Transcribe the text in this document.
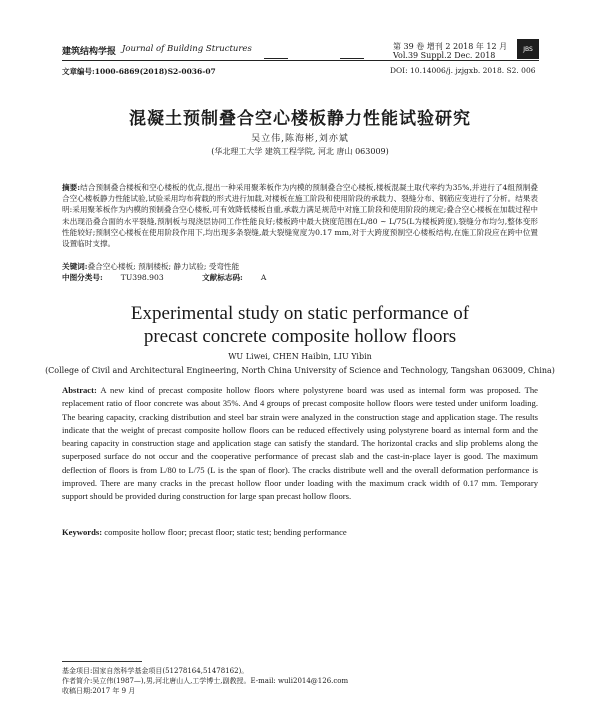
建筑结构学报 Journal of Building Structures	第 39 卷 增刊 2 2018 年 12 月
Vol.39 Suppl.2 Dec. 2018
JBS
文章编号:1000-6869(2018)S2-0036-07	DOI: 10.14006/j. jzjgxb. 2018. S2. 006
混凝土预制叠合空心楼板静力性能试验研究
吴立伟,陈海彬,刘亦斌
(华北理工大学 建筑工程学院, 河北 唐山 063009)
摘要:结合预制叠合楼板和空心楼板的优点,提出一种采用聚苯板作为内模的预制叠合空心楼板,楼板混凝土取代率约为35%,并进行了4组预制叠合空心楼板静力性能试验,试验采用均布荷载的形式进行加载,对楼板在施工阶段和使用阶段的承载力、裂缝分布、钢筋应变进行了分析。结果表明:采用聚苯板作为内模的预制叠合空心楼板,可有效降低楼板自重,承载力满足规范中对施工阶段和使用阶段的规定;叠合空心楼板在加载过程中未出现沿叠合面的水平裂缝,预制板与现浇层协同工作性能良好;楼板跨中最大挠度范围在L/80 ~ L/75(L为楼板跨度),裂缝分布均匀,整体变形性能较好;预制空心楼板在使用阶段作用下,均出现多条裂缝,最大裂缝宽度为0.17 mm,对于大跨度预制空心楼板结构,在施工阶段应在跨中位置设置临时支撑。
关键词:叠合空心楼板; 预制楼板; 静力试验; 受弯性能
中图分类号: TU398.903	文献标志码: A
Experimental study on static performance of
precast concrete composite hollow floors
WU Liwei, CHEN Haibin, LIU Yibin
(College of Civil and Architectural Engineering, North China University of Science and Technology, Tangshan 063009, China)
Abstract: A new kind of precast composite hollow floors where polystyrene board was used as internal form was proposed. The replacement ratio of floor concrete was about 35%. And 4 groups of precast composite hollow floors were tested under uniform loading. The bearing capacity, cracking distribution and steel bar strain were analyzed in the construction stage and application stage. The results indicate that the weight of precast composite hollow floors can be reduced effectively using polystyrene board as internal form and the bearing capacity in construction stage and application stage can satisfy the standard. The horizontal cracks and slip problems along the superposed surface do not occur and the cooperative performance of precast slab and the cast-in-place layer is good. The maximum deflection of floors is from L/80 to L/75 (L is the span of floor). The cracks distribute well and the overall deformation performance is improved. There are many cracks in the precast hollow floor under loading with the maximum crack width of 0.17 mm. Temporary support should be provided during construction for large span precast hollow floors.
Keywords: composite hollow floor; precast floor; static test; bending performance
基金项目:国家自然科学基金项目(51278164,51478162)。
作者简介:吴立伟(1987—),男,河北唐山人,工学博士,副教授。E-mail: wuli2014@126.com
收稿日期:2017 年 9 月
